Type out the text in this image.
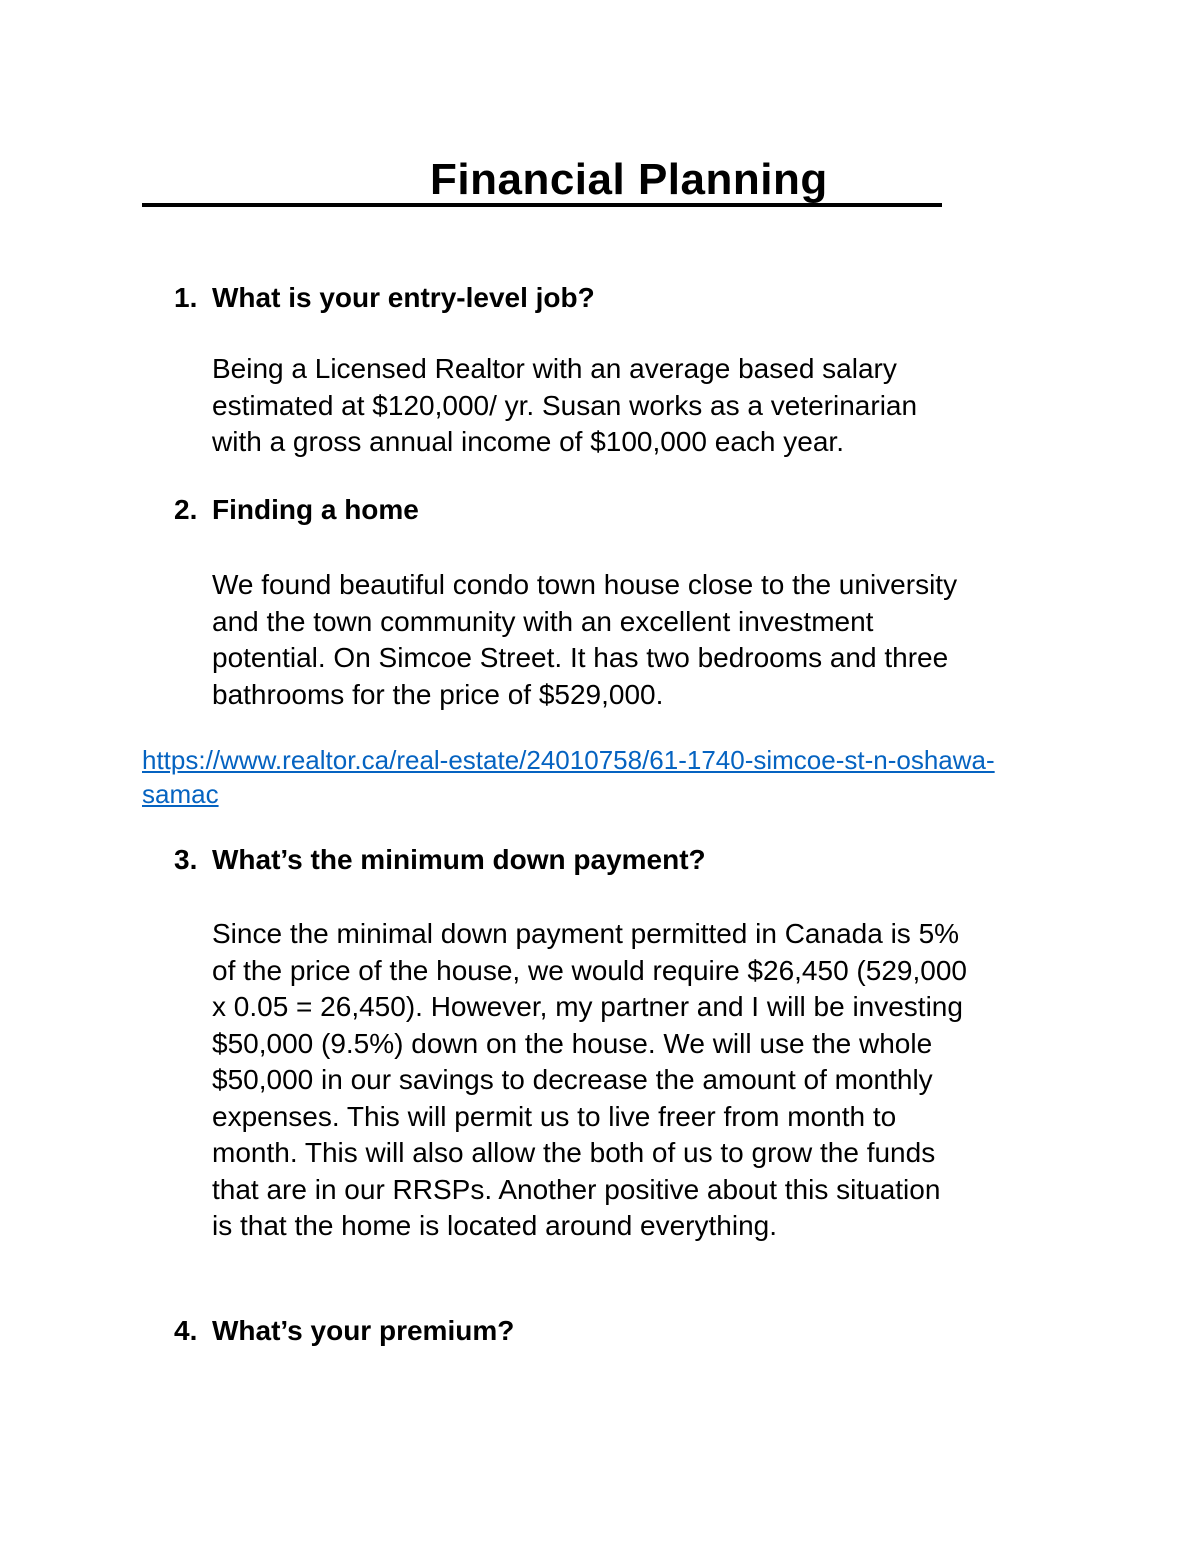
Financial Planning
1. What is your entry-level job?
Being a Licensed Realtor with an average based salary
estimated at $120,000/ yr. Susan works as a veterinarian
with a gross annual income of $100,000 each year.
2. Finding a home
We found beautiful condo town house close to the university
and the town community with an excellent investment
potential. On Simcoe Street. It has two bedrooms and three
bathrooms for the price of $529,000.
https://www.realtor.ca/real-estate/24010758/61-1740-simcoe-st-n-oshawa-
samac
3. What’s the minimum down payment?
Since the minimal down payment permitted in Canada is 5%
of the price of the house, we would require $26,450 (529,000
x 0.05 = 26,450). However, my partner and I will be investing
$50,000 (9.5%) down on the house. We will use the whole
$50,000 in our savings to decrease the amount of monthly
expenses. This will permit us to live freer from month to
month. This will also allow the both of us to grow the funds
that are in our RRSPs. Another positive about this situation
is that the home is located around everything.
4. What’s your premium?
